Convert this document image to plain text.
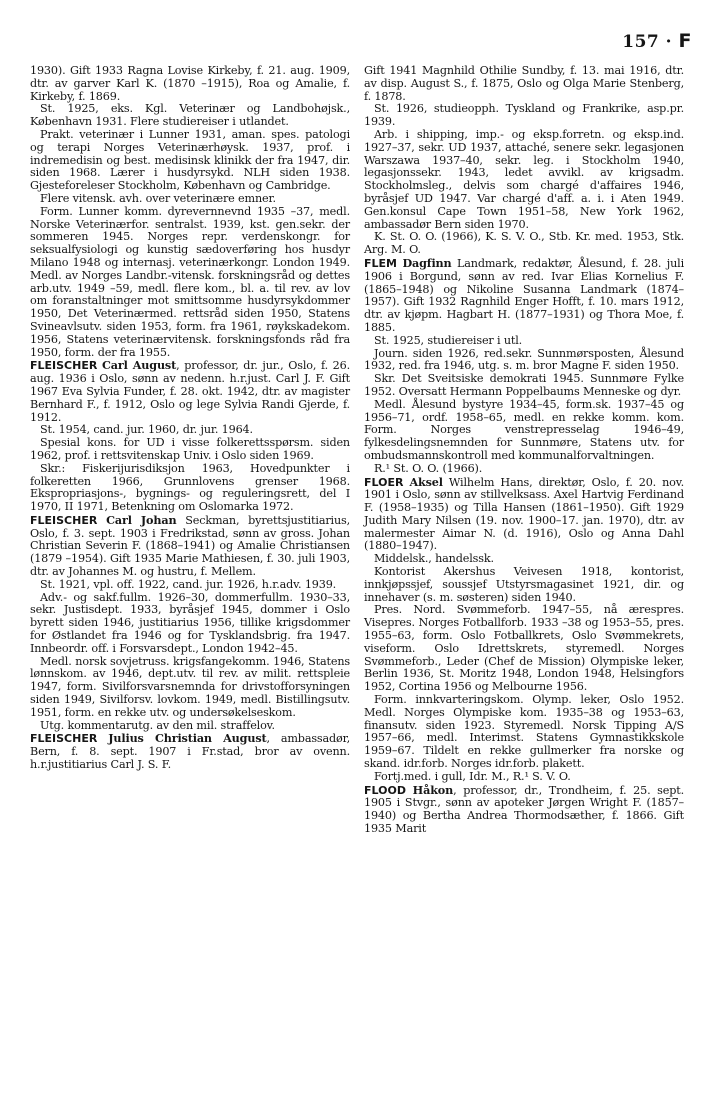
157 · F

1930). Gift 1933 Ragna Lovise Kirkeby, f. 21. aug. 1909, dtr. av garver Karl K. (1870 –1915), Roa og Amalie, f. Kirkeby, f. 1869.

St. 1925, eks. Kgl. Veterinær og Landbohøjsk., København 1931. Flere studiereiser i utlandet.

Prakt. veterinær i Lunner 1931, aman. spes. patologi og terapi Norges Veterinærhøysk. 1937, prof. i indremedisin og best. medisinsk klinikk der fra 1947, dir. siden 1968. Lærer i husdyrsykd. NLH siden 1938. Gjesteforeleser Stockholm, København og Cambridge.

Flere vitensk. avh. over veterinære emner.

Form. Lunner komm. dyrevernnevnd 1935 –37, medl. Norske Veterinærfor. sentralst. 1939, kst. gen.sekr. der sommeren 1945. Norges repr. verdenskongr. for seksualfysiologi og kunstig sædoverføring hos husdyr Milano 1948 og internasj. veterinærkongr. London 1949. Medl. av Norges Landbr.-vitensk. forskningsråd og dettes arb.utv. 1949 –59, medl. flere kom., bl. a. til rev. av lov om foranstaltninger mot smittsomme husdyrsykdommer 1950, Det Veterinærmed. rettsråd siden 1950, Statens Svineavlsutv. siden 1953, form. fra 1961, røykskadekom. 1956, Statens veterinærvitensk. forskningsfonds råd fra 1950, form. der fra 1955.

FLEISCHER Carl August, professor, dr. jur., Oslo, f. 26. aug. 1936 i Oslo, sønn av nedenn. h.r.just. Carl J. F. Gift 1967 Eva Sylvia Funder, f. 28. okt. 1942, dtr. av magister Bernhard F., f. 1912, Oslo og lege Sylvia Randi Gjerde, f. 1912.

St. 1954, cand. jur. 1960, dr. jur. 1964.

Spesial kons. for UD i visse folkerettsspørsm. siden 1962, prof. i rettsvitenskap Univ. i Oslo siden 1969.

Skr.: Fiskerijurisdiksjon 1963, Hovedpunkter i folkeretten 1966, Grunnlovens grenser 1968. Ekspropriasjons-, bygnings- og reguleringsrett, del I 1970, II 1971, Betenkning om Oslomarka 1972.

FLEISCHER Carl Johan Seckman, byrettsjustitiarius, Oslo, f. 3. sept. 1903 i Fredrikstad, sønn av gross. Johan Christian Severin F. (1868–1941) og Amalie Christiansen (1879 –1954). Gift 1935 Marie Mathiesen, f. 30. juli 1903, dtr. av Johannes M. og hustru, f. Mellem.

St. 1921, vpl. off. 1922, cand. jur. 1926, h.r.adv. 1939.

Adv.- og sakf.fullm. 1926–30, dommerfullm. 1930–33, sekr. Justisdept. 1933, byråsjef 1945, dommer i Oslo byrett siden 1946, justitiarius 1956, tillike krigsdommer for Østlandet fra 1946 og for Tysklandsbrig. fra 1947. Innbeordr. off. i Forsvarsdept., London 1942–45.

Medl. norsk sovjetruss. krigsfangekomm. 1946, Statens lønnskom. av 1946, dept.utv. til rev. av milit. rettspleie 1947, form. Sivilforsvarsnemnda for drivstofforsyningen siden 1949, Sivilforsv. lovkom. 1949, medl. Bistillingsutv. 1951, form. en rekke utv. og undersøkelseskom.

Utg. kommentarutg. av den mil. straffelov.

FLEISCHER Julius Christian August, ambassadør, Bern, f. 8. sept. 1907 i Fr.stad, bror av ovenn. h.r.justitiarius Carl J. S. F.

Gift 1941 Magnhild Othilie Sundby, f. 13. mai 1916, dtr. av disp. August S., f. 1875, Oslo og Olga Marie Stenberg, f. 1878.

St. 1926, studieopph. Tyskland og Frankrike, asp.pr. 1939.

Arb. i shipping, imp.- og eksp.forretn. og eksp.ind. 1927–37, sekr. UD 1937, attaché, senere sekr. legasjonen Warszawa 1937–40, sekr. leg. i Stockholm 1940, legasjonssekr. 1943, ledet avvikl. av krigsadm. Stockholmsleg., delvis som chargé d'affaires 1946, byråsjef UD 1947. Var chargé d'aff. a. i. i Aten 1949. Gen.konsul Cape Town 1951–58, New York 1962, ambassadør Bern siden 1970.

K. St. O. O. (1966), K. S. V. O., Stb. Kr. med. 1953, Stk. Arg. M. O.

FLEM Dagfinn Landmark, redaktør, Ålesund, f. 28. juli 1906 i Borgund, sønn av red. Ivar Elias Kornelius F. (1865–1948) og Nikoline Susanna Landmark (1874–1957). Gift 1932 Ragnhild Enger Hofft, f. 10. mars 1912, dtr. av kjøpm. Hagbart H. (1877–1931) og Thora Moe, f. 1885.

St. 1925, studiereiser i utl.

Journ. siden 1926, red.sekr. Sunnmørsposten, Ålesund 1932, red. fra 1946, utg. s. m. bror Magne F. siden 1950.

Skr. Det Sveitsiske demokrati 1945. Sunnmøre Fylke 1952. Oversatt Hermann Poppelbaums Menneske og dyr.

Medl. Ålesund bystyre 1934–45, form.sk. 1937–45 og 1956–71, ordf. 1958–65, medl. en rekke komm. kom. Form. Norges venstrepresselag 1946–49, fylkesdelingsnemnden for Sunnmøre, Statens utv. for ombudsmannskontroll med kommunalforvaltningen.

R.¹ St. O. O. (1966).

FLOER Aksel Wilhelm Hans, direktør, Oslo, f. 20. nov. 1901 i Oslo, sønn av stillvelksass. Axel Hartvig Ferdinand F. (1958–1935) og Tilla Hansen (1861–1950). Gift 1929 Judith Mary Nilsen (19. nov. 1900–17. jan. 1970), dtr. av malermester Aimar N. (d. 1916), Oslo og Anna Dahl (1880–1947).

Middelsk., handelssk.

Kontorist Akershus Veivesen 1918, kontorist, innkjøpssjef, soussjef Utstyrsmagasinet 1921, dir. og innehaver (s. m. søsteren) siden 1940.

Pres. Nord. Svømmeforb. 1947–55, nå ærespres. Visepres. Norges Fotballforb. 1933 –38 og 1953–55, pres. 1955–63, form. Oslo Fotballkrets, Oslo Svømmekrets, viseform. Oslo Idrettskrets, styremedl. Norges Svømmeforb., Leder (Chef de Mission) Olympiske leker, Berlin 1936, St. Moritz 1948, London 1948, Helsingfors 1952, Cortina 1956 og Melbourne 1956.

Form. innkvarteringskom. Olymp. leker, Oslo 1952. Medl. Norges Olympiske kom. 1935–38 og 1953–63, finansutv. siden 1923. Styremedl. Norsk Tipping A/S 1957–66, medl. Interimst. Statens Gymnastikkskole 1959–67. Tildelt en rekke gullmerker fra norske og skand. idr.forb. Norges idr.forb. plakett.

Fortj.med. i gull, Idr. M., R.¹ S. V. O.

FLOOD Håkon, professor, dr., Trondheim, f. 25. sept. 1905 i Stvgr., sønn av apoteker Jørgen Wright F. (1857–1940) og Bertha Andrea Thormodsæther, f. 1866. Gift 1935 Marit
